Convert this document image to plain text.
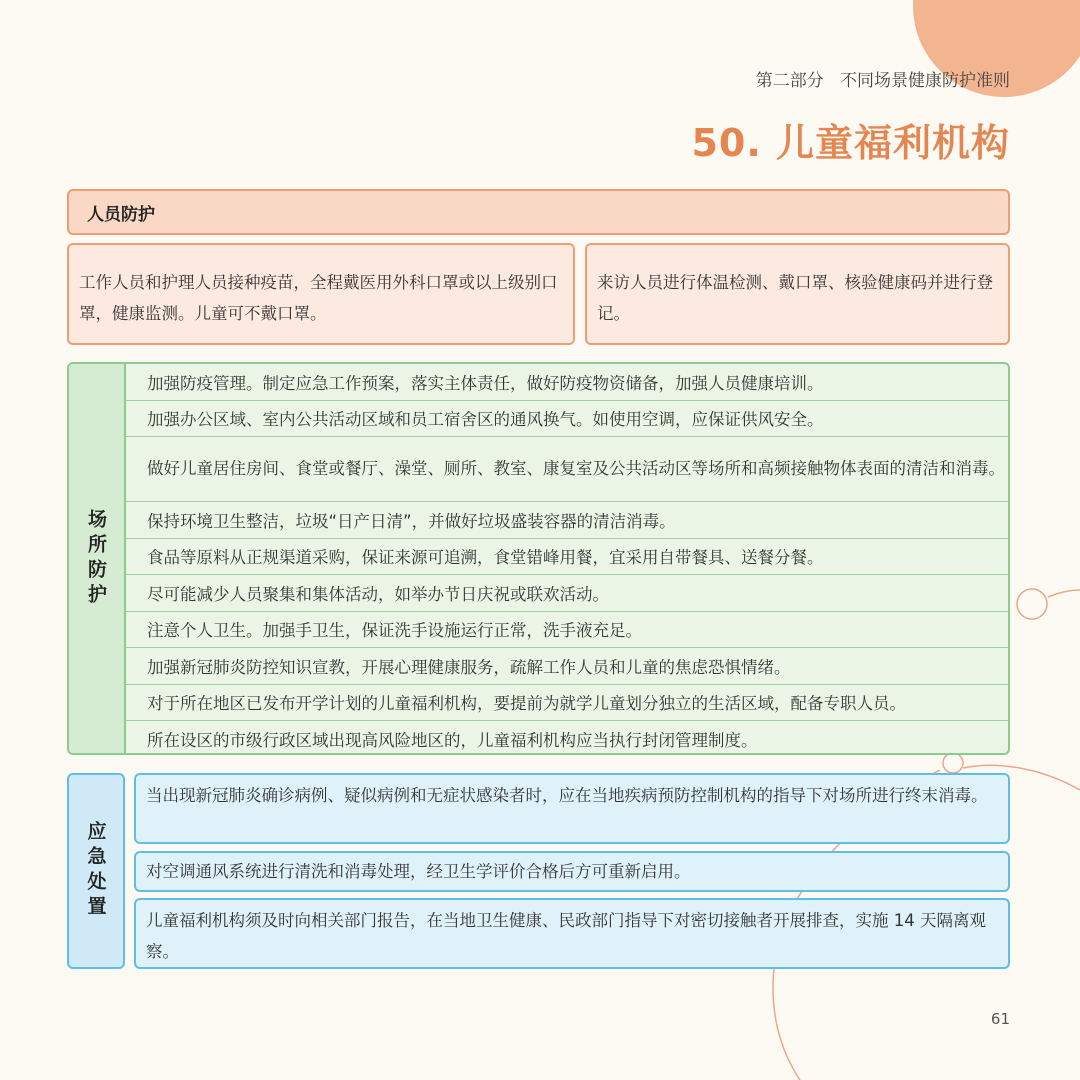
第二部分 不同场景健康防护准则
50. 儿童福利机构
人员防护
工作人员和护理人员接种疫苗，全程戴医用外科口罩或以上级别口罩，健康监测。儿童可不戴口罩。
来访人员进行体温检测、戴口罩、核验健康码并进行登记。
场所防护
加强防疫管理。制定应急工作预案，落实主体责任，做好防疫物资储备，加强人员健康培训。
加强办公区域、室内公共活动区域和员工宿舍区的通风换气。如使用空调，应保证供风安全。
做好儿童居住房间、食堂或餐厅、澡堂、厕所、教室、康复室及公共活动区等场所和高频接触物体表面的清洁和消毒。
保持环境卫生整洁，垃圾“日产日清”，并做好垃圾盛装容器的清洁消毒。
食品等原料从正规渠道采购，保证来源可追溯，食堂错峰用餐，宜采用自带餐具、送餐分餐。
尽可能减少人员聚集和集体活动，如举办节日庆祝或联欢活动。
注意个人卫生。加强手卫生，保证洗手设施运行正常，洗手液充足。
加强新冠肺炎防控知识宣教，开展心理健康服务，疏解工作人员和儿童的焦虑恐惧情绪。
对于所在地区已发布开学计划的儿童福利机构，要提前为就学儿童划分独立的生活区域，配备专职人员。
所在设区的市级行政区域出现高风险地区的，儿童福利机构应当执行封闭管理制度。
应急处置
当出现新冠肺炎确诊病例、疑似病例和无症状感染者时，应在当地疾病预防控制机构的指导下对场所进行终末消毒。
对空调通风系统进行清洗和消毒处理，经卫生学评价合格后方可重新启用。
儿童福利机构须及时向相关部门报告，在当地卫生健康、民政部门指导下对密切接触者开展排查，实施 14 天隔离观察。
61
